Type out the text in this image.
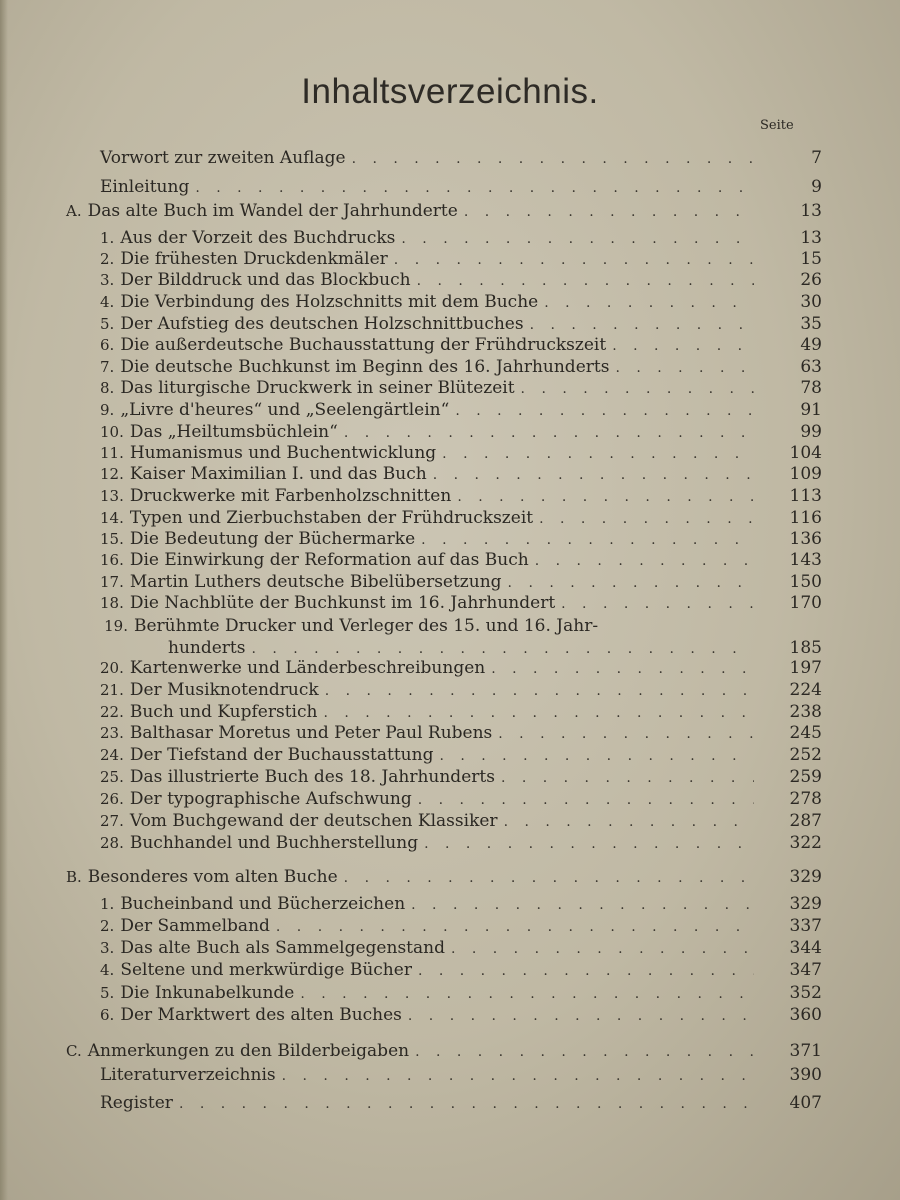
Inhaltsverzeichnis.
Seite
Vorwort zur zweiten Auflage . . .	7
Einleitung . . .	9
A. Das alte Buch im Wandel der Jahrhunderte . . .	13
1. Aus der Vorzeit des Buchdrucks . . .	13
2. Die frühesten Druckdenkmäler . . .	15
3. Der Bilddruck und das Blockbuch . . .	26
4. Die Verbindung des Holzschnitts mit dem Buche . . .	30
5. Der Aufstieg des deutschen Holzschnittbuches . . .	35
6. Die außerdeutsche Buchausstattung der Frühdruckszeit . . .	49
7. Die deutsche Buchkunst im Beginn des 16. Jahrhunderts . . .	63
8. Das liturgische Druckwerk in seiner Blütezeit . . .	78
9. „Livre d'heures“ und „Seelengärtlein“ . . .	91
10. Das „Heiltumsbüchlein“ . . .	99
11. Humanismus und Buchentwicklung . . .	104
12. Kaiser Maximilian I. und das Buch . . .	109
13. Druckwerke mit Farbenholzschnitten . . .	113
14. Typen und Zierbuchstaben der Frühdruckszeit . . .	116
15. Die Bedeutung der Büchermarke . . .	136
16. Die Einwirkung der Reformation auf das Buch . . .	143
17. Martin Luthers deutsche Bibelübersetzung . . .	150
18. Die Nachblüte der Buchkunst im 16. Jahrhundert . . .	170
19. Berühmte Drucker und Verleger des 15. und 16. Jahr-
hunderts . . .	185
20. Kartenwerke und Länderbeschreibungen . . .	197
21. Der Musiknotendruck . . .	224
22. Buch und Kupferstich . . .	238
23. Balthasar Moretus und Peter Paul Rubens . . .	245
24. Der Tiefstand der Buchausstattung . . .	252
25. Das illustrierte Buch des 18. Jahrhunderts . . .	259
26. Der typographische Aufschwung . . .	278
27. Vom Buchgewand der deutschen Klassiker . . .	287
28. Buchhandel und Buchherstellung . . .	322
B. Besonderes vom alten Buche . . .	329
1. Bucheinband und Bücherzeichen . . .	329
2. Der Sammelband . . .	337
3. Das alte Buch als Sammelgegenstand . . .	344
4. Seltene und merkwürdige Bücher . . .	347
5. Die Inkunabelkunde . . .	352
6. Der Marktwert des alten Buches . . .	360
C. Anmerkungen zu den Bilderbeigaben . . .	371
Literaturverzeichnis . . .	390
Register . . .	407
